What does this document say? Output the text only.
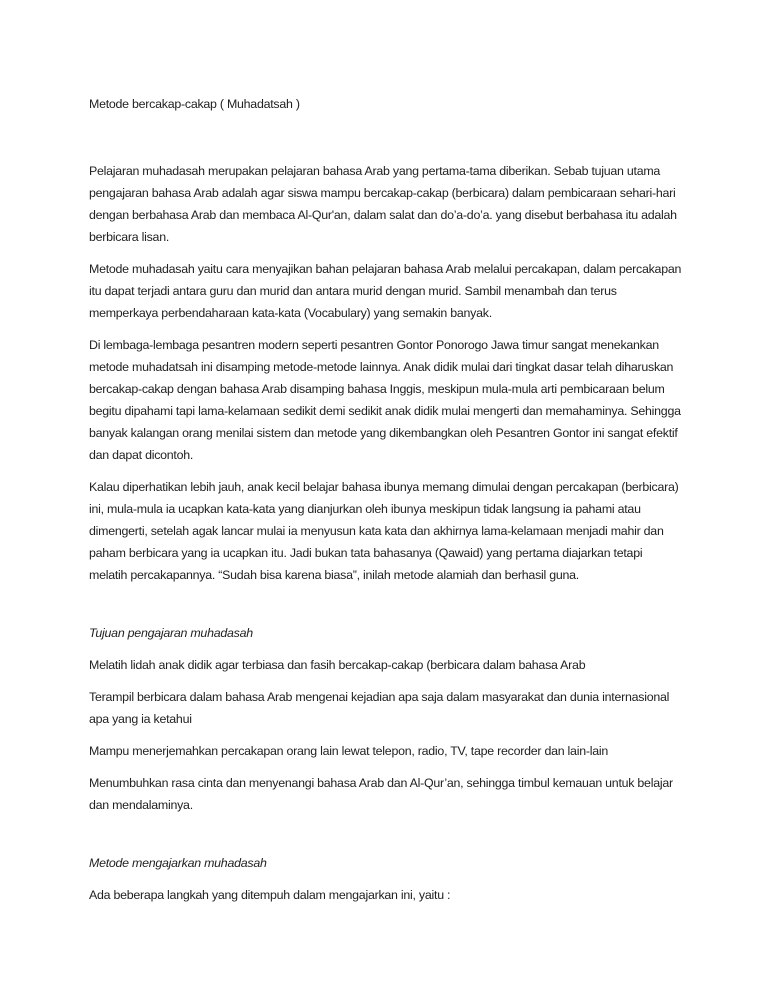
Metode bercakap-cakap ( Muhadatsah )

Pelajaran muhadasah merupakan pelajaran bahasa Arab yang pertama-tama diberikan. Sebab tujuan utama pengajaran bahasa Arab adalah agar siswa mampu bercakap-cakap (berbicara) dalam pembicaraan sehari-hari dengan berbahasa Arab dan membaca Al-Qur'an, dalam salat dan do’a-do’a. yang disebut berbahasa itu adalah berbicara lisan.

Metode muhadasah yaitu cara menyajikan bahan pelajaran bahasa Arab melalui percakapan, dalam percakapan itu dapat terjadi antara guru dan murid dan antara murid dengan murid. Sambil menambah dan terus memperkaya perbendaharaan kata-kata (Vocabulary) yang semakin banyak.

Di lembaga-lembaga pesantren modern seperti pesantren Gontor Ponorogo Jawa timur sangat menekankan metode muhadatsah ini disamping metode-metode lainnya. Anak didik mulai dari tingkat dasar telah diharuskan bercakap-cakap dengan bahasa Arab disamping bahasa Inggis, meskipun mula-mula arti pembicaraan belum begitu dipahami tapi lama-kelamaan sedikit demi sedikit anak didik mulai mengerti dan memahaminya. Sehingga banyak kalangan orang menilai sistem dan metode yang dikembangkan oleh Pesantren Gontor ini sangat efektif dan dapat dicontoh.

Kalau diperhatikan lebih jauh, anak kecil belajar bahasa ibunya memang dimulai dengan percakapan (berbicara) ini, mula-mula ia ucapkan kata-kata yang dianjurkan oleh ibunya meskipun tidak langsung ia pahami atau dimengerti, setelah agak lancar mulai ia menyusun kata kata dan akhirnya lama-kelamaan menjadi mahir dan paham berbicara yang ia ucapkan itu. Jadi bukan tata bahasanya (Qawaid) yang pertama diajarkan tetapi melatih percakapannya. “Sudah bisa karena biasa”, inilah metode alamiah dan berhasil guna.

Tujuan pengajaran muhadasah

Melatih lidah anak didik agar terbiasa dan fasih bercakap-cakap (berbicara dalam bahasa Arab

Terampil berbicara dalam bahasa Arab mengenai kejadian apa saja dalam masyarakat dan dunia internasional apa yang ia ketahui

Mampu menerjemahkan percakapan orang lain lewat telepon, radio, TV, tape recorder dan lain-lain

Menumbuhkan rasa cinta dan menyenangi bahasa Arab dan Al-Qur’an, sehingga timbul kemauan untuk belajar dan mendalaminya.

Metode mengajarkan muhadasah

Ada beberapa langkah yang ditempuh dalam mengajarkan ini, yaitu :
